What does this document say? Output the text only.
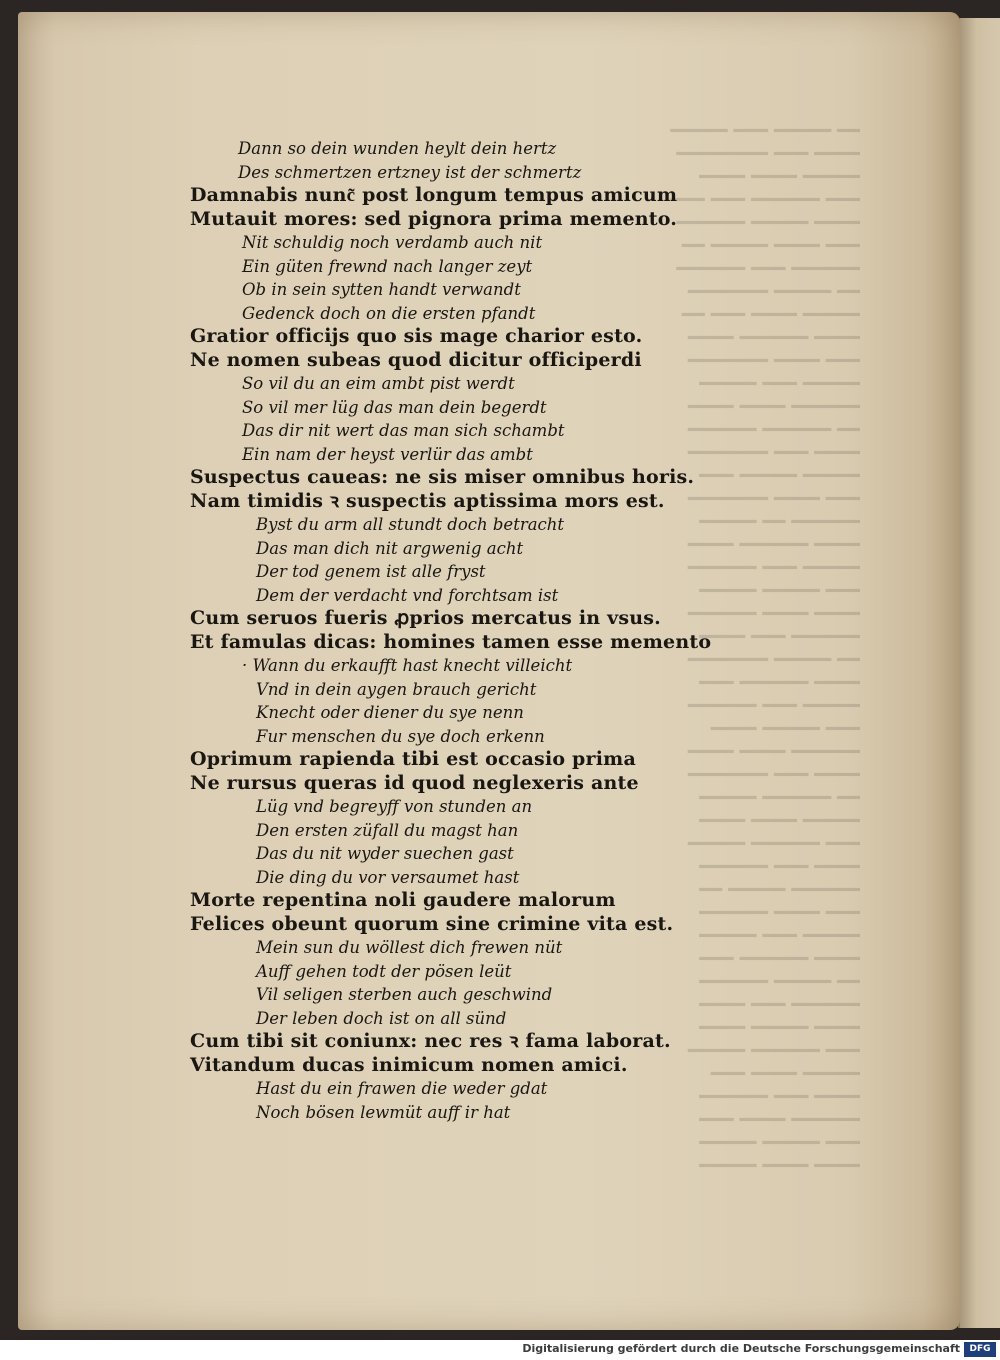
━━ ━━━━━ ━━━ ━━━━━
━━━━ ━━━ ━━━━━━━━
━━━━━ ━━━━ ━━━━
━━━ ━━━━━━ ━━━ ━━━
━━━━ ━━━━━ ━━━━━━
━━━ ━━━━ ━━━━━ ━━
━━━━━━ ━━━ ━━━━━━
━━ ━━━━━ ━━━━━━━
━━━━━ ━━━━ ━━━ ━━
━━━━ ━━━━━━ ━━━━
━━━ ━━━━ ━━━━━━━
━━━━━ ━━━ ━━━━━
━━━━━━ ━━━━ ━━━━
━━ ━━━━━━ ━━━━━━
━━━━ ━━━ ━━━━━━━
━━━━━ ━━━━━ ━━━
━━━ ━━━━ ━━━━━━━
━━━━━━ ━━ ━━━━━
━━━━ ━━━━━━ ━━━━
━━━━━ ━━━ ━━━━━━
━━━ ━━━━━ ━━━━━
━━━━ ━━━━ ━━━━━━
━━━━━━ ━━━ ━━━━
━━ ━━━━━ ━━━━━━━
━━━━ ━━━━━━ ━━━
━━━━━ ━━━ ━━━━━━
━━━ ━━━━━ ━━━━
━━━━━━ ━━━━ ━━━━
━━━━ ━━━ ━━━━━━━
━━ ━━━━━━ ━━━━━
━━━━━ ━━━━ ━━━━
━━━ ━━━━━━ ━━━━━
━━━━ ━━━ ━━━━━━
━━━━━━ ━━━━━ ━━
━━━ ━━━━ ━━━━━━
━━━━━ ━━━ ━━━━━
━━━━ ━━━━━━ ━━━
━━ ━━━━━ ━━━━━━
━━━━━━ ━━━ ━━━━
━━━━ ━━━━━ ━━━━
━━━ ━━━━━━ ━━━━━
━━━━━ ━━━━ ━━━
━━━━ ━━━ ━━━━━━
━━━━━━ ━━━━ ━━━
━━━ ━━━━━ ━━━━━
━━━━ ━━━━ ━━━━━
Dann so dein wunden heylt dein hertz
Des schmertzen ertzney ist der schmertz
Damnabis nunc͂ post longum tempus amicum
Mutauit mores: sed pignora prima memento.
Nit schuldig noch verdamb auch nit
Ein güten frewnd nach langer zeyt
Ob in sein sytten handt verwandt
Gedenck doch on die ersten pfandt
Gratior officijs quo sis mage charior esto.
Ne nomen subeas quod dicitur officiperdi
So vil du an eim ambt pist werdt
So vil mer lüg das man dein begerdt
Das dir nit wert das man sich schambt
Ein nam der heyst verlür das ambt
Suspectus caueas: ne sis miser omnibus horis.
Nam timidis ꝛ suspectis aptissima mors est.
Byst du arm all stundt doch betracht
Das man dich nit argwenig acht
Der tod genem ist alle fryst
Dem der verdacht vnd forchtsam ist
Cum seruos fueris ꝓprios mercatus in vsus.
Et famulas dicas: homines tamen esse memento
· Wann du erkaufft hast knecht villeicht
Vnd in dein aygen brauch gericht
Knecht oder diener du sye nenn
Fur menschen du sye doch erkenn
Oprimum rapienda tibi est occasio prima
Ne rursus queras id quod neglexeris ante
Lüg vnd begreyff von stunden an
Den ersten züfall du magst han
Das du nit wyder suechen gast
Die ding du vor versaumet hast
Morte repentina noli gaudere malorum
Felices obeunt quorum sine crimine vita est.
Mein sun du wöllest dich frewen nüt
Auff gehen todt der pösen leüt
Vil seligen sterben auch geschwind
Der leben doch ist on all sünd
Cum tibi sit coniunx: nec res ꝛ fama laborat.
Vitandum ducas inimicum nomen amici.
Hast du ein frawen die weder gdat
Noch bösen lewmüt auff ir hat
Digitalisierung gefördert durch die Deutsche Forschungsgemeinschaft	DFG
